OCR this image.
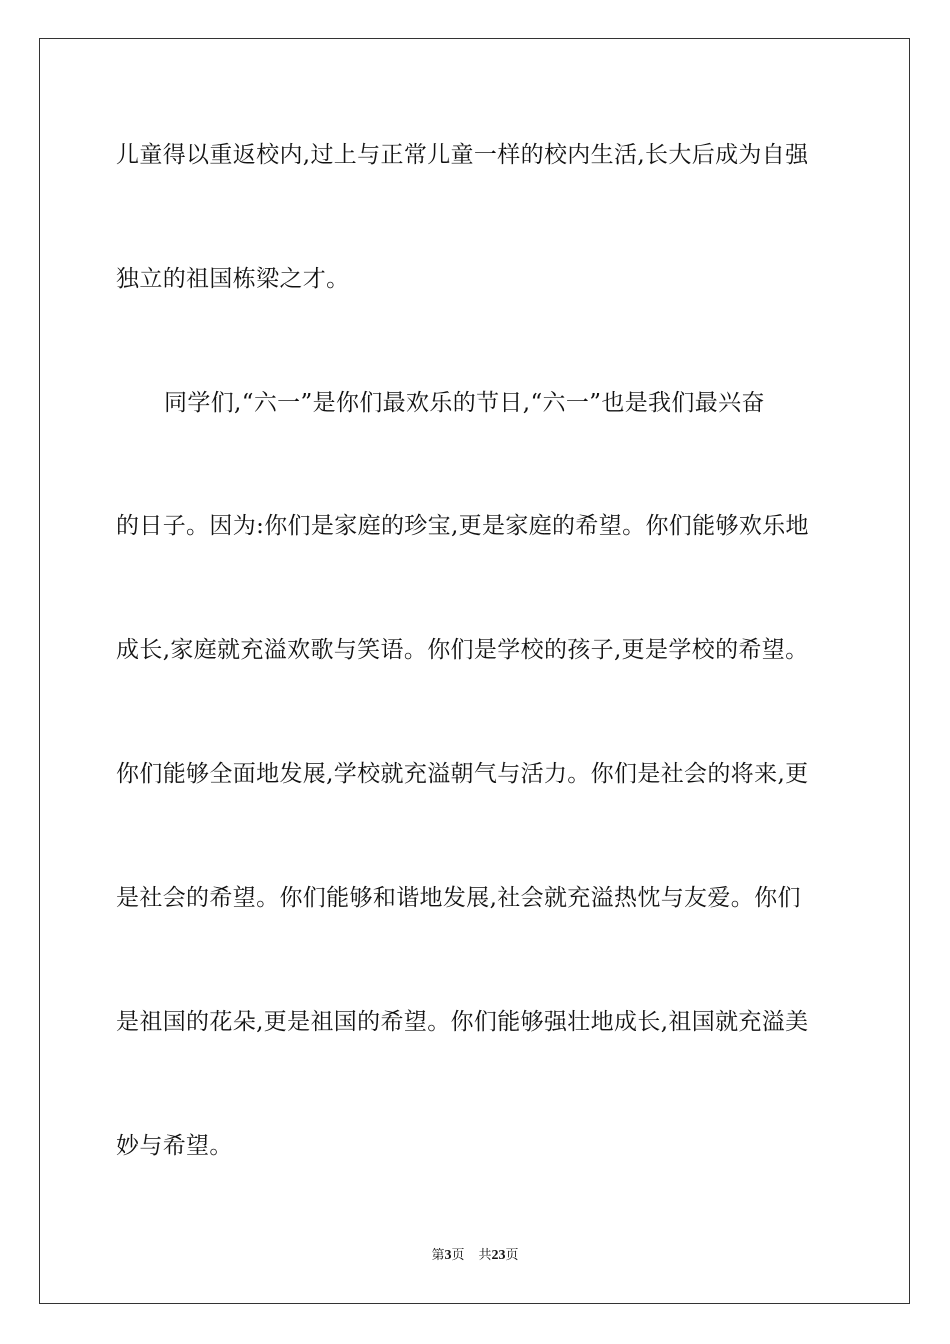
儿童得以重返校内,过上与正常儿童一样的校内生活,长大后成为自强
独立的祖国栋梁之才。
同学们,“六一”是你们最欢乐的节日,“六一”也是我们最兴奋
的日子。因为:你们是家庭的珍宝,更是家庭的希望。你们能够欢乐地
成长,家庭就充溢欢歌与笑语。你们是学校的孩子,更是学校的希望。
你们能够全面地发展,学校就充溢朝气与活力。你们是社会的将来,更
是社会的希望。你们能够和谐地发展,社会就充溢热忱与友爱。你们
是祖国的花朵,更是祖国的希望。你们能够强壮地成长,祖国就充溢美
妙与希望。
第3页 共23页
